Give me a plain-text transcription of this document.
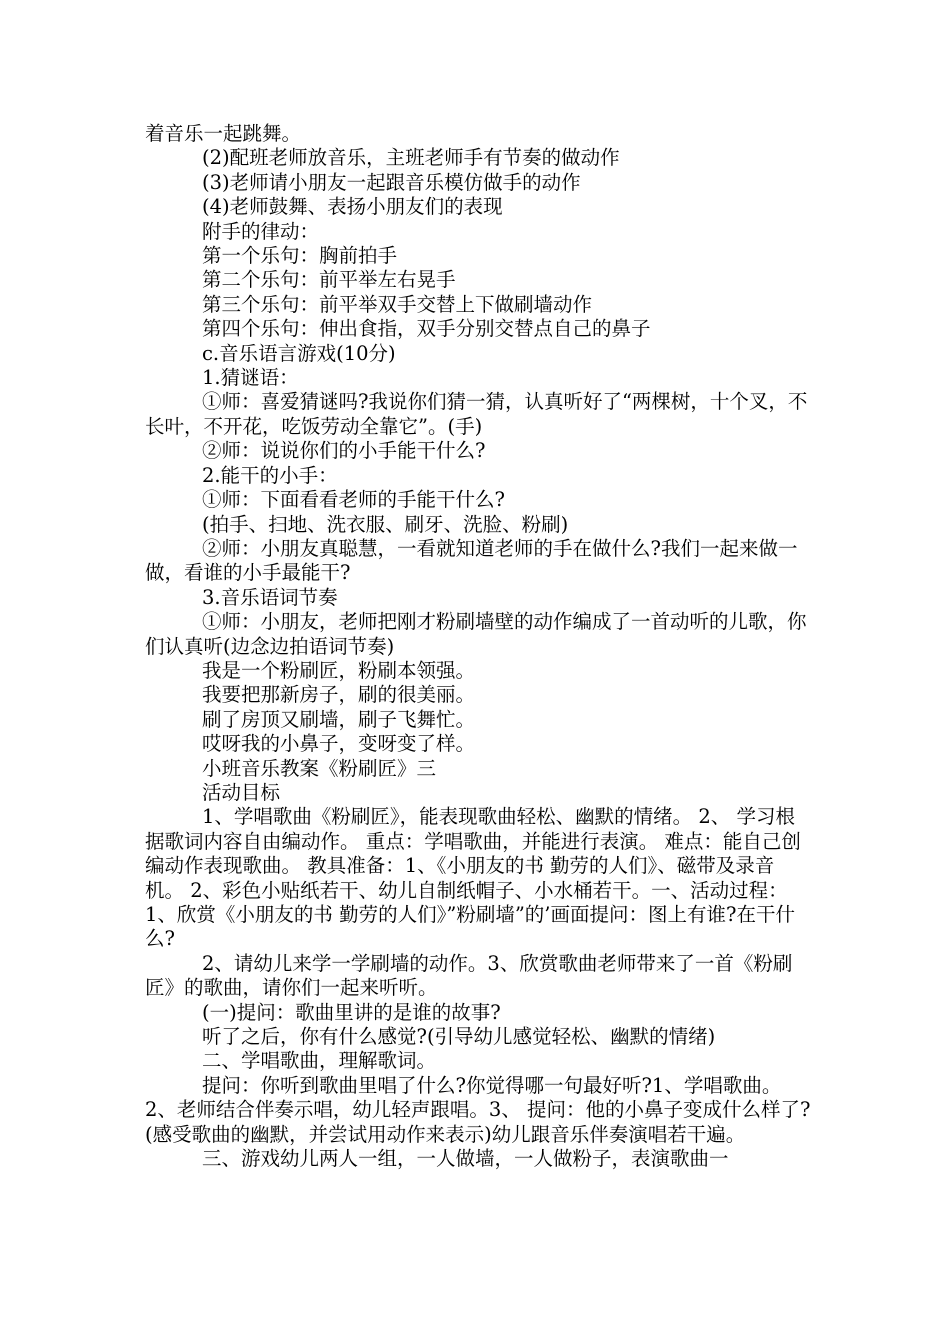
着音乐一起跳舞。

(2)配班老师放音乐，主班老师手有节奏的做动作

(3)老师请小朋友一起跟音乐模仿做手的动作

(4)老师鼓舞、表扬小朋友们的表现

附手的律动：

第一个乐句：胸前拍手

第二个乐句：前平举左右晃手

第三个乐句：前平举双手交替上下做刷墙动作

第四个乐句：伸出食指，双手分别交替点自己的鼻子

c.音乐语言游戏(10分)

1.猜谜语：

①师：喜爱猜谜吗?我说你们猜一猜，认真听好了“两棵树，十个叉，不长叶，不开花，吃饭劳动全靠它”。(手)

②师：说说你们的小手能干什么?

2.能干的小手：

①师：下面看看老师的手能干什么?

(拍手、扫地、洗衣服、刷牙、洗脸、粉刷)

②师：小朋友真聪慧，一看就知道老师的手在做什么?我们一起来做一做，看谁的小手最能干?

3.音乐语词节奏

①师：小朋友，老师把刚才粉刷墙壁的动作编成了一首动听的儿歌，你们认真听(边念边拍语词节奏)

我是一个粉刷匠，粉刷本领强。

我要把那新房子，刷的很美丽。

刷了房顶又刷墙，刷子飞舞忙。

哎呀我的小鼻子，变呀变了样。

小班音乐教案《粉刷匠》三

活动目标

1、学唱歌曲《粉刷匠》，能表现歌曲轻松、幽默的情绪。 2、 学习根据歌词内容自由编动作。 重点：学唱歌曲，并能进行表演。 难点：能自己创编动作表现歌曲。 教具准备：1、《小朋友的书 勤劳的人们》、磁带及录音机。 2、彩色小贴纸若干、幼儿自制纸帽子、小水桶若干。一、活动过程：1、欣赏《小朋友的书 勤劳的人们》”粉刷墙”的’画面提问：图上有谁?在干什么?

2、请幼儿来学一学刷墙的动作。3、欣赏歌曲老师带来了一首《粉刷匠》的歌曲，请你们一起来听听。

(一)提问：歌曲里讲的是谁的故事?

听了之后，你有什么感觉?(引导幼儿感觉轻松、幽默的情绪)

二、学唱歌曲，理解歌词。

提问：你听到歌曲里唱了什么?你觉得哪一句最好听?1、学唱歌曲。 2、老师结合伴奏示唱，幼儿轻声跟唱。3、 提问：他的小鼻子变成什么样了?(感受歌曲的幽默，并尝试用动作来表示)幼儿跟音乐伴奏演唱若干遍。

三、游戏幼儿两人一组，一人做墙，一人做粉子，表演歌曲一
